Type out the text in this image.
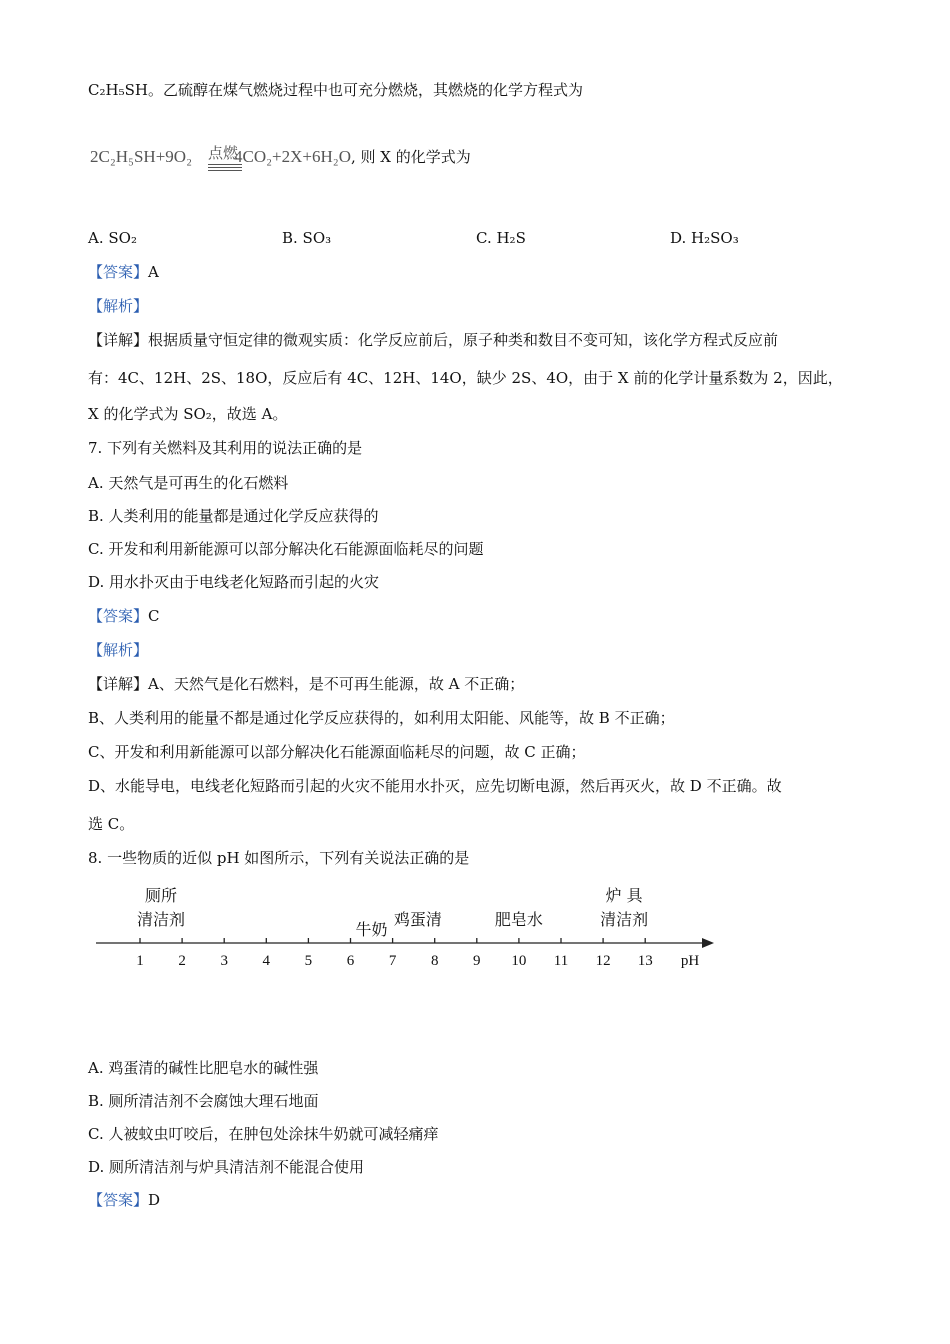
C₂H₅SH。乙硫醇在煤气燃烧过程中也可充分燃烧，其燃烧的化学方程式为
2C₂H₅SH+9O₂ 4CO₂+2X+6H₂O, 则 X 的化学式为
点燃
A. SO₂	B. SO₃	C. H₂S	D. H₂SO₃
【答案】A
【解析】
【详解】根据质量守恒定律的微观实质：化学反应前后，原子种类和数目不变可知，该化学方程式反应前
有：4C、12H、2S、18O，反应后有 4C、12H、14O，缺少 2S、4O，由于 X 前的化学计量系数为 2，因此，
X 的化学式为 SO₂，故选 A。
7. 下列有关燃料及其利用的说法正确的是
A. 天然气是可再生的化石燃料
B. 人类利用的能量都是通过化学反应获得的
C. 开发和利用新能源可以部分解决化石能源面临耗尽的问题
D. 用水扑灭由于电线老化短路而引起的火灾
【答案】C
【解析】
【详解】A、天然气是化石燃料，是不可再生能源，故 A 不正确；
B、人类利用的能量不都是通过化学反应获得的，如利用太阳能、风能等，故 B 不正确；
C、开发和利用新能源可以部分解决化石能源面临耗尽的问题，故 C 正确；
D、水能导电，电线老化短路而引起的火灾不能用水扑灭，应先切断电源，然后再灭火，故 D 不正确。故
选 C。
8. 一些物质的近似 pH 如图所示，下列有关说法正确的是
1 2 3 4 5 6 7 8 9 10 11 12 13 pH
厕所
清洁剂
牛奶
鸡蛋清	肥皂水
炉 具
清洁剂
A. 鸡蛋清的碱性比肥皂水的碱性强
B. 厕所清洁剂不会腐蚀大理石地面
C. 人被蚊虫叮咬后，在肿包处涂抹牛奶就可减轻痛痒
D. 厕所清洁剂与炉具清洁剂不能混合使用
【答案】D
